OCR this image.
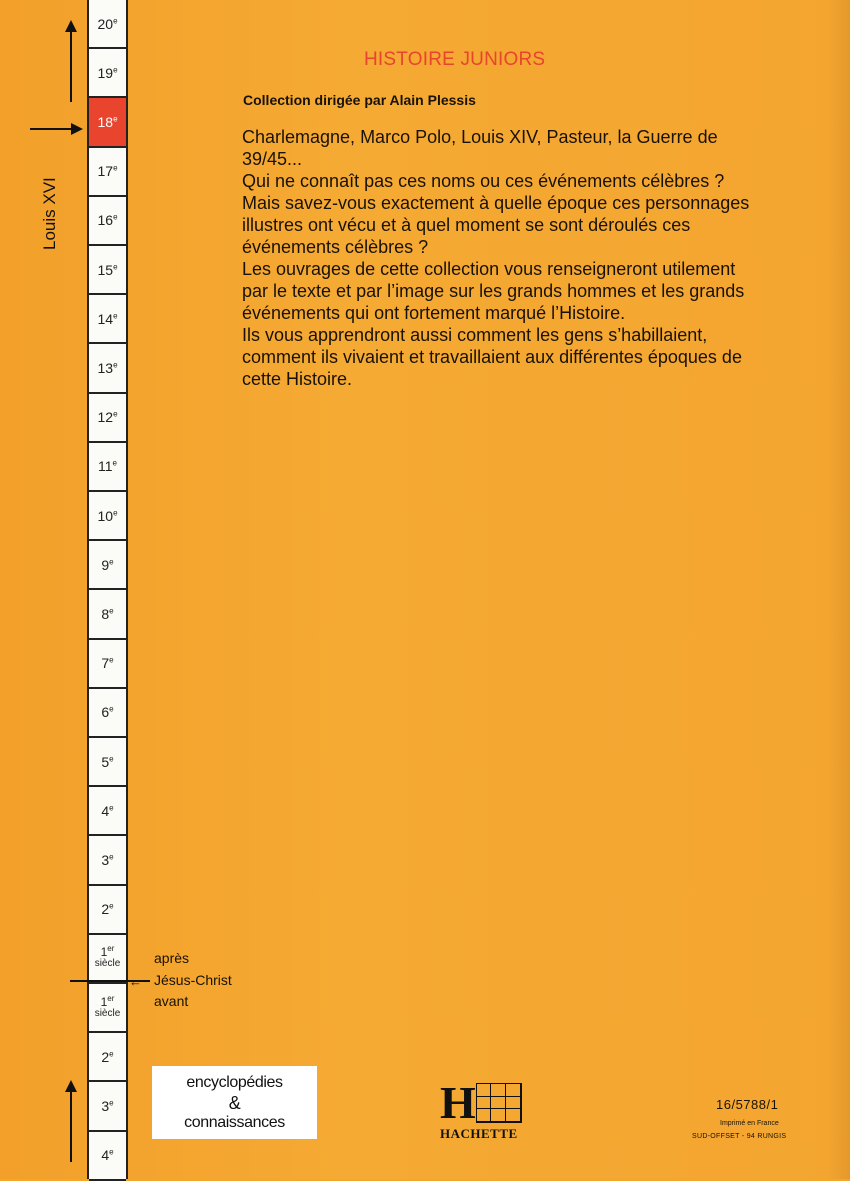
20e
19e
18e
17e
16e
15e
14e
13e
12e
11e
10e
9e
8e
7e
6e
5e
4e
3e
2e
1er
siècle
1er
siècle
2e
3e
4e
Louis XVI
←
après
Jésus-Christ
avant
HISTOIRE JUNIORS
Collection dirigée par Alain Plessis

Charlemagne, Marco Polo, Louis XIV, Pasteur, la Guerre de 39/45...

Qui ne connaît pas ces noms ou ces événements célèbres ?

Mais savez-vous exactement à quelle époque ces personnages illustres ont vécu et à quel moment se sont déroulés ces événements célèbres ?

Les ouvrages de cette collection vous renseigneront utilement par le texte et par l’image sur les grands hommes et les grands événements qui ont fortement marqué l’Histoire.

Ils vous apprendront aussi comment les gens s’habillaient, comment ils vivaient et travaillaient aux différentes époques de cette Histoire.

encyclopédies
&
connaissances	H
HACHETTE
16/5788/1
Imprimé en France
SUD-OFFSET - 94 RUNGIS
